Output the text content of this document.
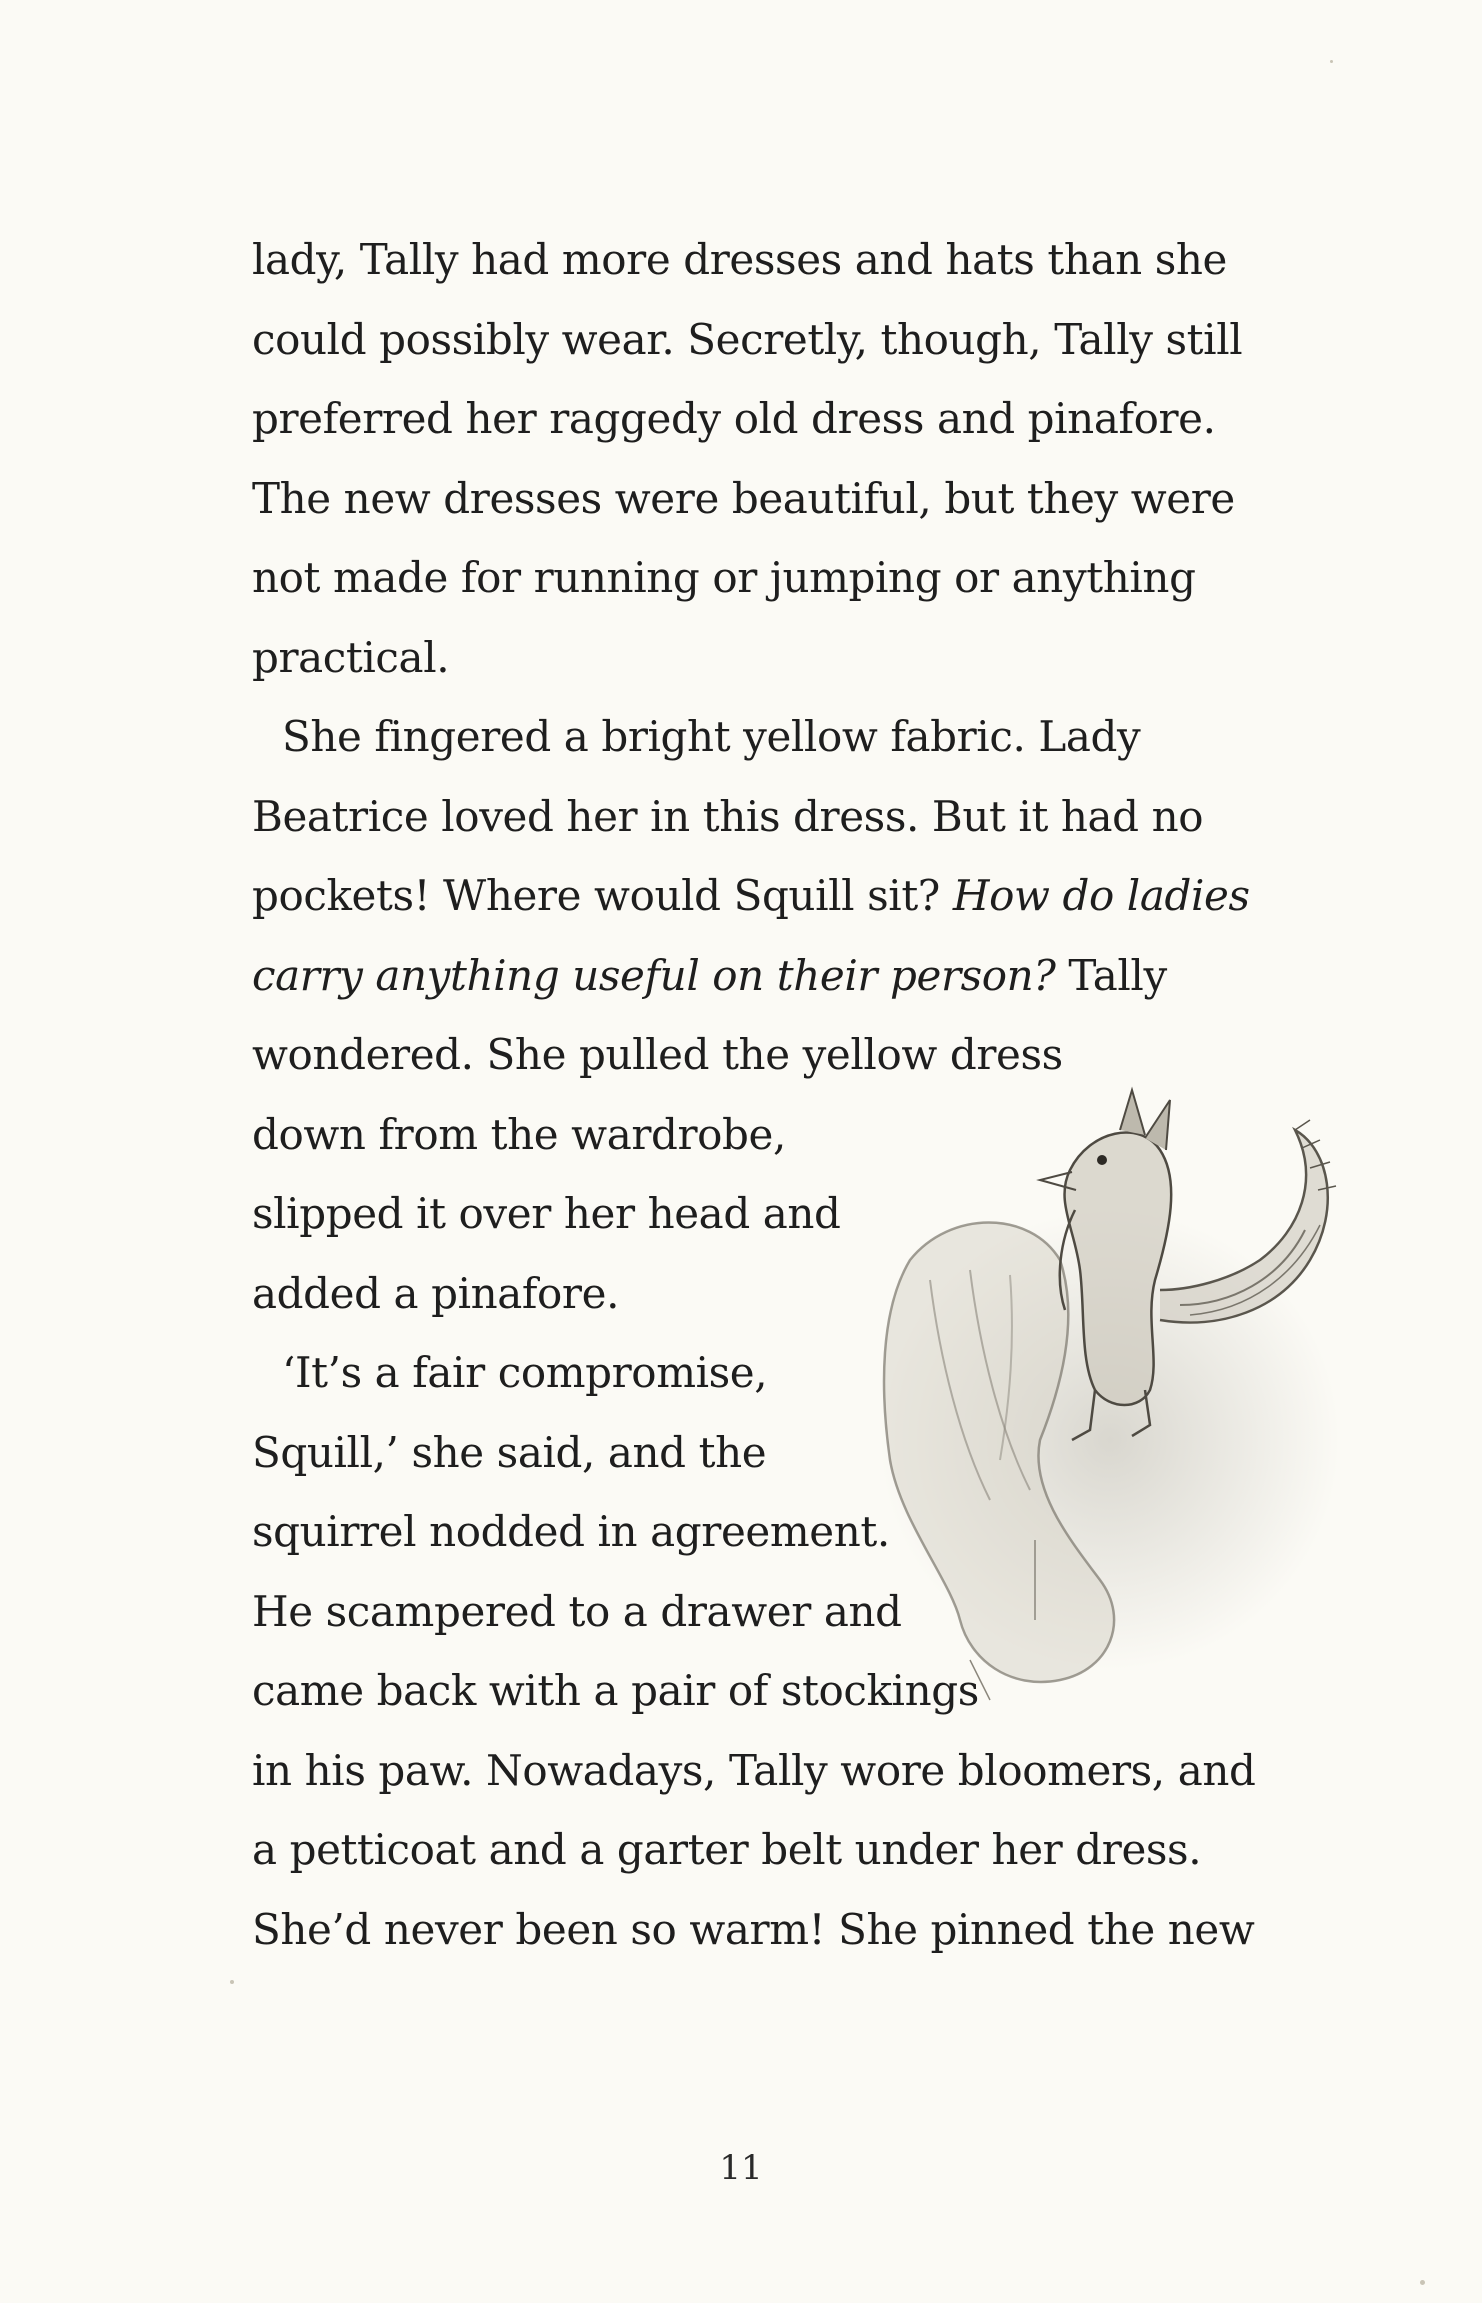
lady, Tally had more dresses and hats than she
could possibly wear. Secretly, though, Tally still
preferred her raggedy old dress and pinafore.
The new dresses were beautiful, but they were
not made for running or jumping or anything
practical.
She fingered a bright yellow fabric. Lady
Beatrice loved her in this dress. But it had no
pockets! Where would Squill sit? How do ladies
carry anything useful on their person? Tally
wondered. She pulled the yellow dress
down from the wardrobe,
slipped it over her head and
added a pinafore.
‘It’s a fair compromise,
Squill,’ she said, and the
squirrel nodded in agreement.
He scampered to a drawer and
came back with a pair of stockings
in his paw. Nowadays, Tally wore bloomers, and
a petticoat and a garter belt under her dress.
She’d never been so warm! She pinned the new
11
